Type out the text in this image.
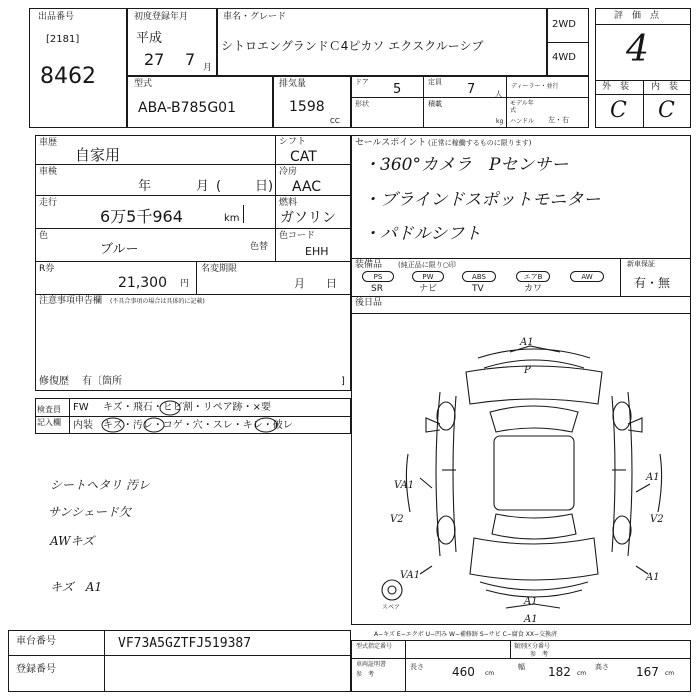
出品番号
[2181]
8462
初度登録年月
平成
27 7 月
車名・グレード
シトロエングランドＣ4ピカソ エクスクルーシブ
2WD
4WD
評　価　点
4
外　装 内　装
C C
型式
ABA-B785G01
排気量
1598
CC
ドア 5	定員 7	人
ディーラー・並行
形状	積載
kg
モデル年式
ハンドル 左・右
車歴
自家用
シフト
CAT
車検
年	月 (	日)
冷房
AAC
走行
6万5千964	km
燃料
ガソリン
色
ブルー	色替
色コード
EHH
R券
21,300 円
名変期限
月 日
注意事項申告欄 (不具合事項の場合は具体的に記載)
修復歴 有〔箇所	]
セールスポイント (正常に稼働するものに限ります)
・360°カメラ　Pセンサー
・ブラインドスポットモニター
・パドルシフト
装備品 (純正品に限り○印	新車保証
有・無
PS	PW	ABS	エアB	AW
SR	ナビ	TV	カワ
後日品
検査員記入欄
FW キズ・飛石・ヒビ割・リペア跡・×要
内装 キズ・汚レ・コゲ・穴・スレ・キレ・破レ
シートヘタリ 汚レ
サンシェード欠
AWキズ
キズ　A1
A1
P
A1
VA1
V2	V2
VA1	A1
A1
A1
スペア
車台番号	VF73A5GZTFJ519387
登録番号
A−キズ E−エクボ U−凹み W−補修跡 S−サビ C−腐食 XX−交換済
型式指定番号	類別区分番号
参　考
車両証明書
参　考
長さ 460 cm
幅 182 cm
高さ 167 cm
